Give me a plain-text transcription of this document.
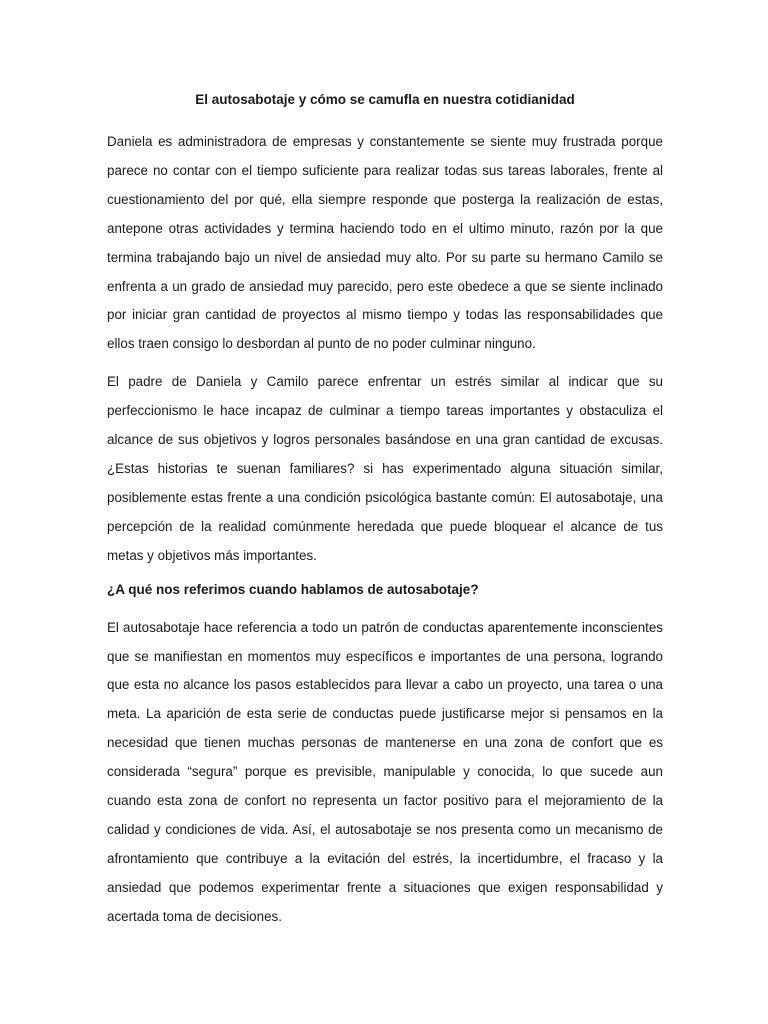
El autosabotaje y cómo se camufla en nuestra cotidianidad

Daniela es administradora de empresas y constantemente se siente muy frustrada porque parece no contar con el tiempo suficiente para realizar todas sus tareas laborales, frente al cuestionamiento del por qué, ella siempre responde que posterga la realización de estas, antepone otras actividades y termina haciendo todo en el ultimo minuto, razón por la que termina trabajando bajo un nivel de ansiedad muy alto. Por su parte su hermano Camilo se enfrenta a un grado de ansiedad muy parecido, pero este obedece a que se siente inclinado por iniciar gran cantidad de proyectos al mismo tiempo y todas las responsabilidades que ellos traen consigo lo desbordan al punto de no poder culminar ninguno.

El padre de Daniela y Camilo parece enfrentar un estrés similar al indicar que su perfeccionismo le hace incapaz de culminar a tiempo tareas importantes y obstaculiza el alcance de sus objetivos y logros personales basándose en una gran cantidad de excusas. ¿Estas historias te suenan familiares? si has experimentado alguna situación similar, posiblemente estas frente a una condición psicológica bastante común: El autosabotaje, una percepción de la realidad comúnmente heredada que puede bloquear el alcance de tus metas y objetivos más importantes.

¿A qué nos referimos cuando hablamos de autosabotaje?

El autosabotaje hace referencia a todo un patrón de conductas aparentemente inconscientes que se manifiestan en momentos muy específicos e importantes de una persona, logrando que esta no alcance los pasos establecidos para llevar a cabo un proyecto, una tarea o una meta. La aparición de esta serie de conductas puede justificarse mejor si pensamos en la necesidad que tienen muchas personas de mantenerse en una zona de confort que es considerada “segura” porque es previsible, manipulable y conocida, lo que sucede aun cuando esta zona de confort no representa un factor positivo para el mejoramiento de la calidad y condiciones de vida. Así, el autosabotaje se nos presenta como un mecanismo de afrontamiento que contribuye a la evitación del estrés, la incertidumbre, el fracaso y la ansiedad que podemos experimentar frente a situaciones que exigen responsabilidad y acertada toma de decisiones.
